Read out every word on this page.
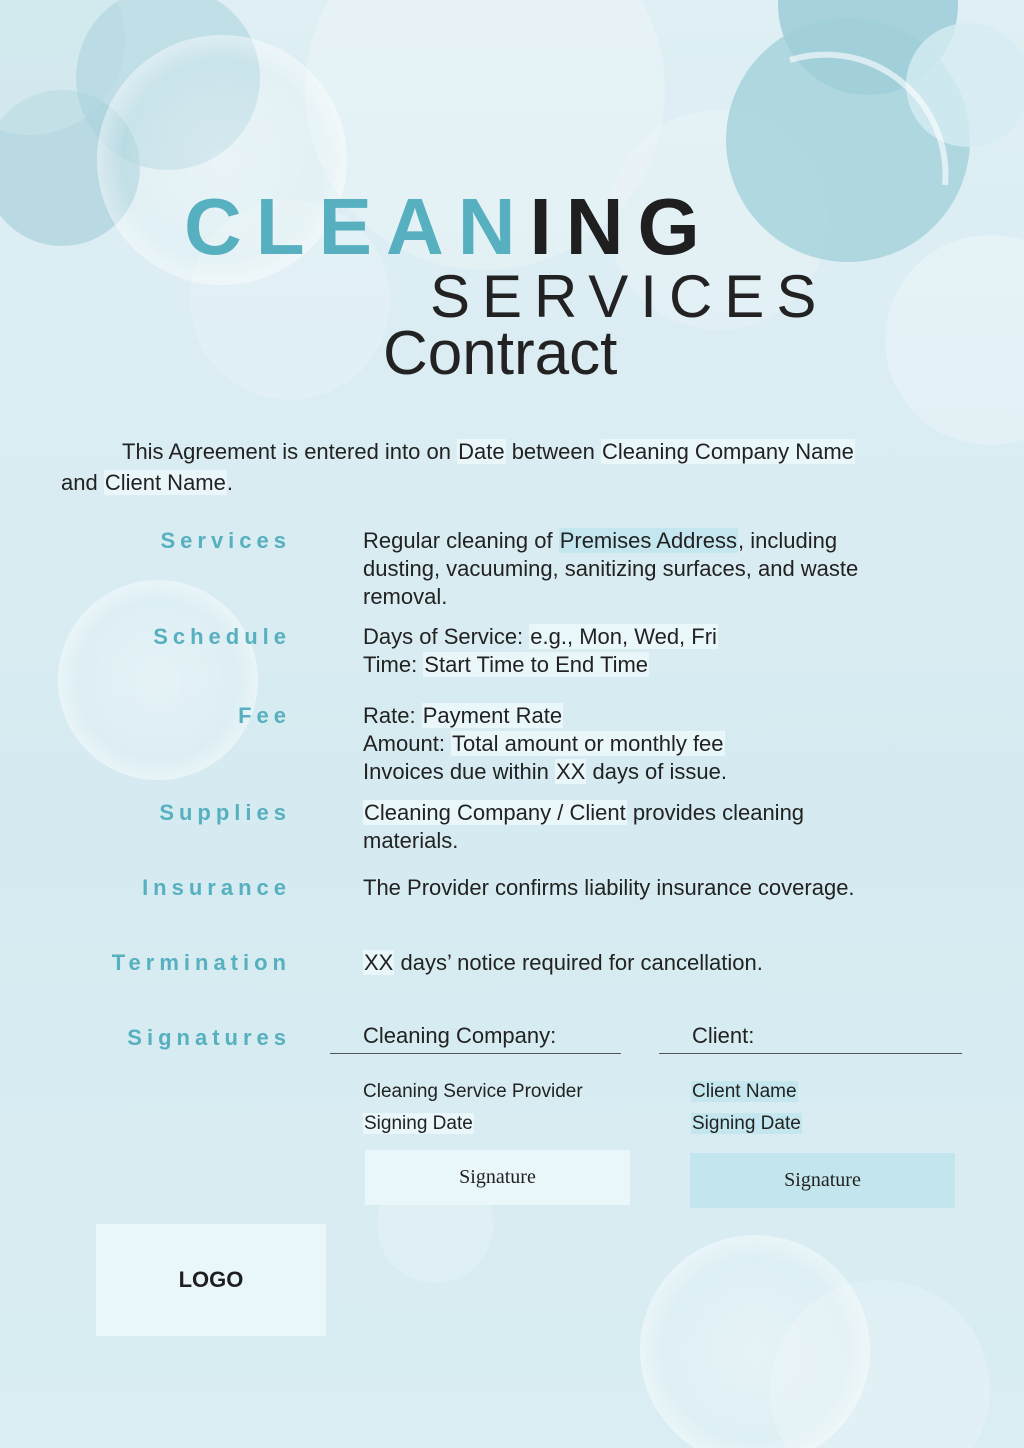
CLEANING
SERVICES
Contract
This Agreement is entered into on Date between Cleaning Company Name
and Client Name.
Services	Regular cleaning of Premises Address, including
dusting, vacuuming, sanitizing surfaces, and waste
removal.
Schedule	Days of Service: e.g., Mon, Wed, Fri
Time: Start Time to End Time
Fee	Rate: Payment Rate
Amount: Total amount or monthly fee
Invoices due within XX days of issue.
Supplies	Cleaning Company / Client provides cleaning
materials.
Insurance	The Provider confirms liability insurance coverage.
Termination	XX days’ notice required for cancellation.
Signatures	Cleaning Company:
Cleaning Service Provider
Signing Date
Signature
Client:
Client Name
Signing Date
Signature
LOGO
